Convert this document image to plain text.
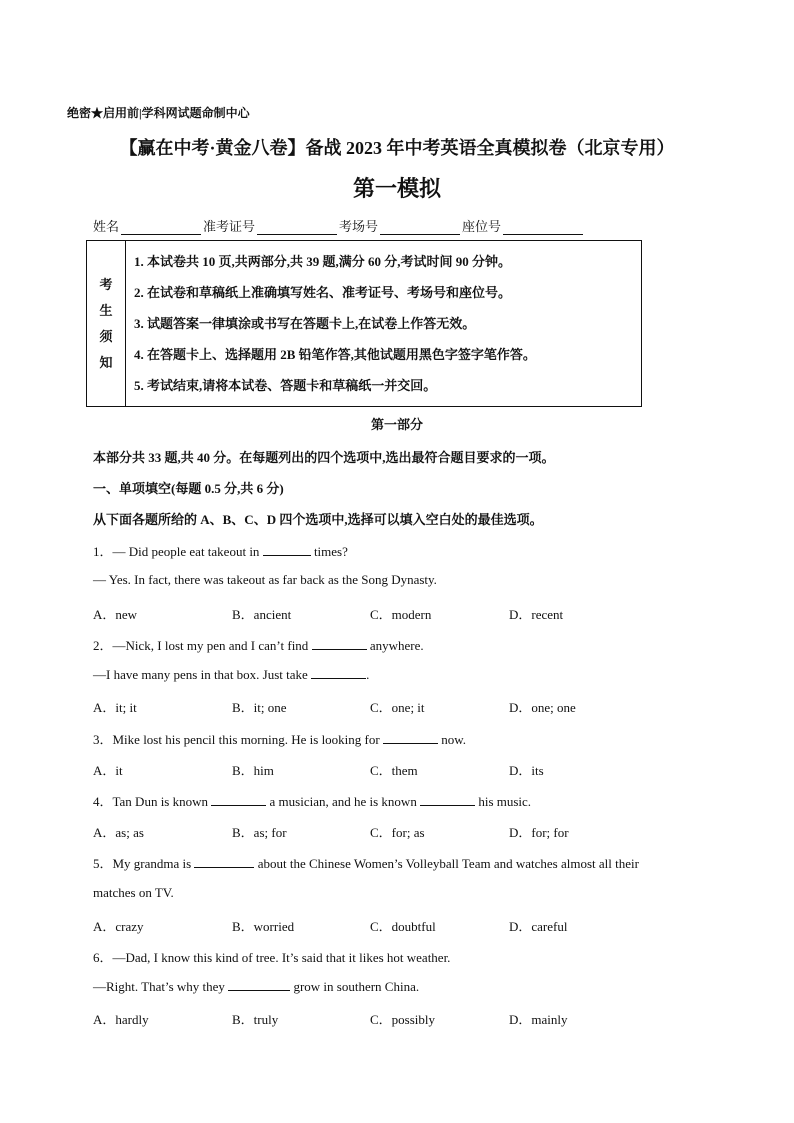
绝密★启用前|学科网试题命制中心
【赢在中考·黄金八卷】备战 2023 年中考英语全真模拟卷（北京专用）
第一模拟
姓名	准考证号	考场号	座位号
考
生
须
知
1. 本试卷共 10 页,共两部分,共 39 题,满分 60 分,考试时间 90 分钟。
2. 在试卷和草稿纸上准确填写姓名、准考证号、考场号和座位号。
3. 试题答案一律填涂或书写在答题卡上,在试卷上作答无效。
4. 在答题卡上、选择题用 2B 铅笔作答,其他试题用黑色字签字笔作答。
5. 考试结束,请将本试卷、答题卡和草稿纸一并交回。
第一部分
本部分共 33 题,共 40 分。在每题列出的四个选项中,选出最符合题目要求的一项。
一、单项填空(每题 0.5 分,共 6 分)
从下面各题所给的 A、B、C、D 四个选项中,选择可以填入空白处的最佳选项。
1．— Did people eat takeout in	times?
— Yes. In fact, there was takeout as far back as the Song Dynasty.
A．new	B．ancient	C．modern	D．recent
2．—Nick, I lost my pen and I can’t find	anywhere.
—I have many pens in that box. Just take	.
A．it; it	B．it; one	C．one; it	D．one; one
3．Mike lost his pencil this morning. He is looking for	now.
A．it	B．him	C．them	D．its
4．Tan Dun is known	a musician, and he is known	his music.
A．as; as	B．as; for	C．for; as	D．for; for
5．My grandma is	about the Chinese Women’s Volleyball Team and watches almost all their
matches on TV.
A．crazy	B．worried	C．doubtful	D．careful
6．—Dad, I know this kind of tree. It’s said that it likes hot weather.
—Right. That’s why they	grow in southern China.
A．hardly	B．truly	C．possibly	D．mainly
